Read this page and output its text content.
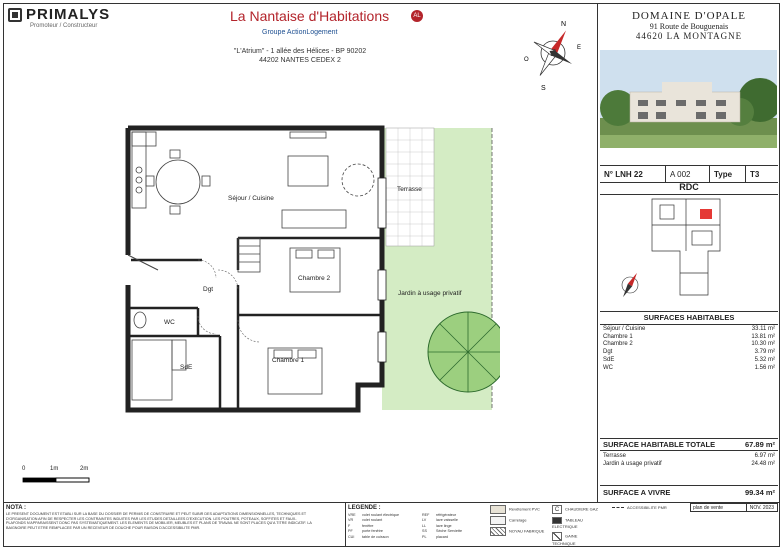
PRIMALYS
Promoteur / Constructeur
La Nantaise d'Habitations	AL
Groupe ActionLogement
"L'Atrium" - 1 allée des Hélices - BP 90202
44202 NANTES CEDEX 2
N
S
E
O
Séjour / Cuisine
Chambre 2
Chambre 1
Dgt
SdE
WC
Terrasse
Jardin à usage privatif
0	1m	2m
DOMAINE D'OPALE
91 Route de Bouguenais
44620 LA MONTAGNE
N° LNH 22	A 002	Type	T3
RDC
SURFACES HABITABLES
Séjour / Cuisine	33.11 m²
Chambre 1	13.81 m²
Chambre 2	10.30 m²
Dgt	3.79 m²
SdE	5.32 m²
WC	1.56 m²
SURFACE HABITABLE TOTALE	67.89 m²
Terrasse	6.97 m²
Jardin à usage privatif	24.48 m²
SURFACE A VIVRE	99.34 m²
NOTA :
LE PRESENT DOCUMENT EST ETABLI SUR LA BASE DU DOSSIER DE PERMIS DE CONSTRUIRE ET PEUT SUBIR DES ADAPTATIONS DIMENSIONNELLES, TECHNIQUES ET D'ORGANISATION AFIN DE RESPECTER LES CONTRAINTES INDUITES PAR LES ETUDES DETAILLEES D'EXECUTION. LES POUTRES, POTEAUX, SOFFITES ET FAUX-PLAFONDS N'APPARAISSENT DONC PAS SYSTEMATIQUEMENT. LES ELEMENTS DE MOBILIER, MEUBLES ET PLANS DE TRAVAIL NE SONT PLACES QU'A TITRE INDICATIF. LA BAIGNOIRE PEUT ETRE REMPLACEE PAR UN RECEVEUR DE DOUCHE POUR RAISON D'ACCESSIBILITE PMR.
LEGENDE :
VRE volet roulant électrique
VR volet roulant
F	fenêtre
PF	porte fenêtre
CUI table de cuisson
REF réfrigérateur
LV	lave vaisselle
LL	lave linge
SS Sèche Serviette
PL	placard
Revêtement PVC
Carrelage
NOYAU FABRIQUE
C CHAUDIERE GAZ
TABLEAU ELECTRIQUE
GAINE TECHNIQUE
ACCESSIBILITE PMR	plan de vente	NOV. 2023
